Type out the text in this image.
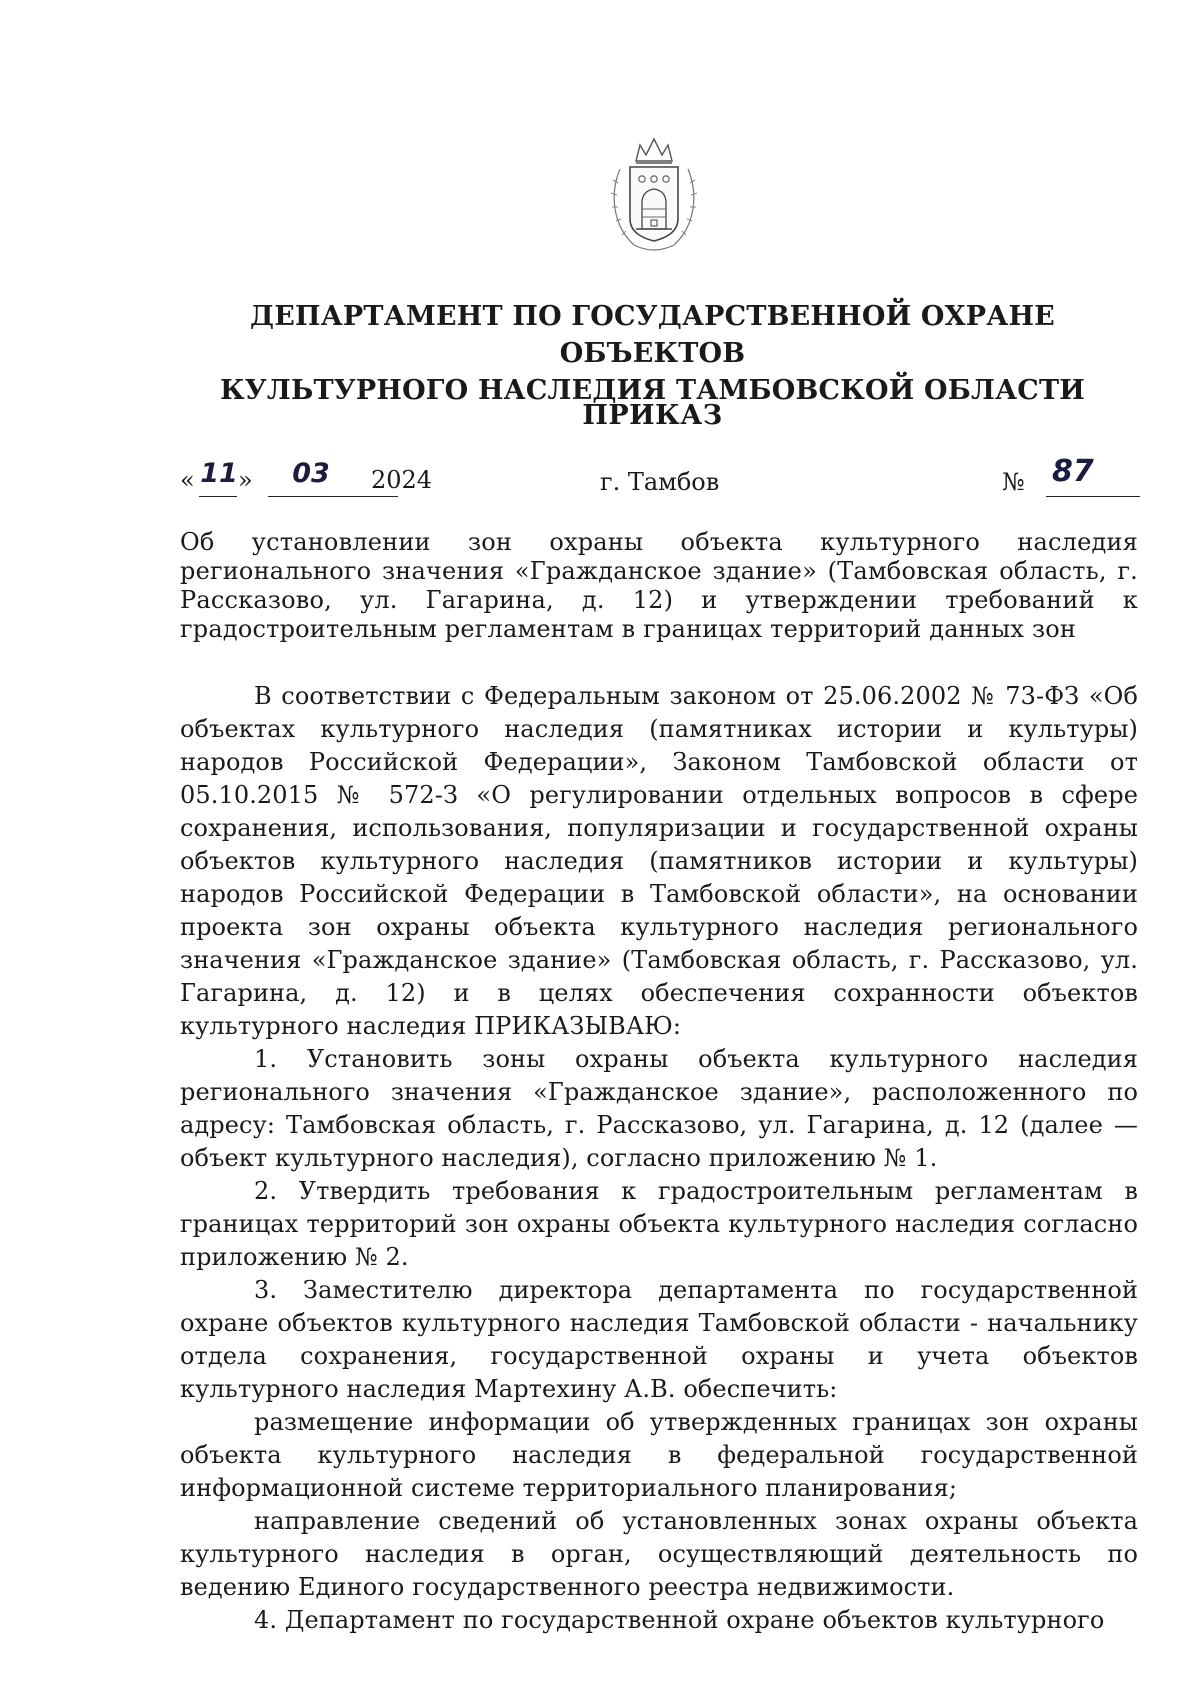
ДЕПАРТАМЕНТ ПО ГОСУДАРСТВЕННОЙ ОХРАНЕ ОБЪЕКТОВ
КУЛЬТУРНОГО НАСЛЕДИЯ ТАМБОВСКОЙ ОБЛАСТИ
ПРИКАЗ
« 11 »	03	2024	г. Тамбов	№ 87
Об установлении зон охраны объекта культурного наследия регионального значения «Гражданское здание» (Тамбовская область, г. Рассказово, ул. Гагарина, д. 12) и утверждении требований к градостроительным регламентам в границах территорий данных зон

В соответствии с Федеральным законом от 25.06.2002 № 73-ФЗ «Об объектах культурного наследия (памятниках истории и культуры) народов Российской Федерации», Законом Тамбовской области от 05.10.2015 № 572-З «О регулировании отдельных вопросов в сфере сохранения, использования, популяризации и государственной охраны объектов культурного наследия (памятников истории и культуры) народов Российской Федерации в Тамбовской области», на основании проекта зон охраны объекта культурного наследия регионального значения «Гражданское здание» (Тамбовская область, г. Рассказово, ул. Гагарина, д. 12) и в целях обеспечения сохранности объектов культурного наследия ПРИКАЗЫВАЮ:

1. Установить зоны охраны объекта культурного наследия регионального значения «Гражданское здание», расположенного по адресу: Тамбовская область, г. Рассказово, ул. Гагарина, д. 12 (далее — объект культурного наследия), согласно приложению № 1.

2. Утвердить требования к градостроительным регламентам в границах территорий зон охраны объекта культурного наследия согласно приложению № 2.

3. Заместителю директора департамента по государственной охране объектов культурного наследия Тамбовской области - начальнику отдела сохранения, государственной охраны и учета объектов культурного наследия Мартехину А.В. обеспечить:

размещение информации об утвержденных границах зон охраны объекта культурного наследия в федеральной государственной информационной системе территориального планирования;

направление сведений об установленных зонах охраны объекта культурного наследия в орган, осуществляющий деятельность по ведению Единого государственного реестра недвижимости.

4. Департамент по государственной охране объектов культурного
